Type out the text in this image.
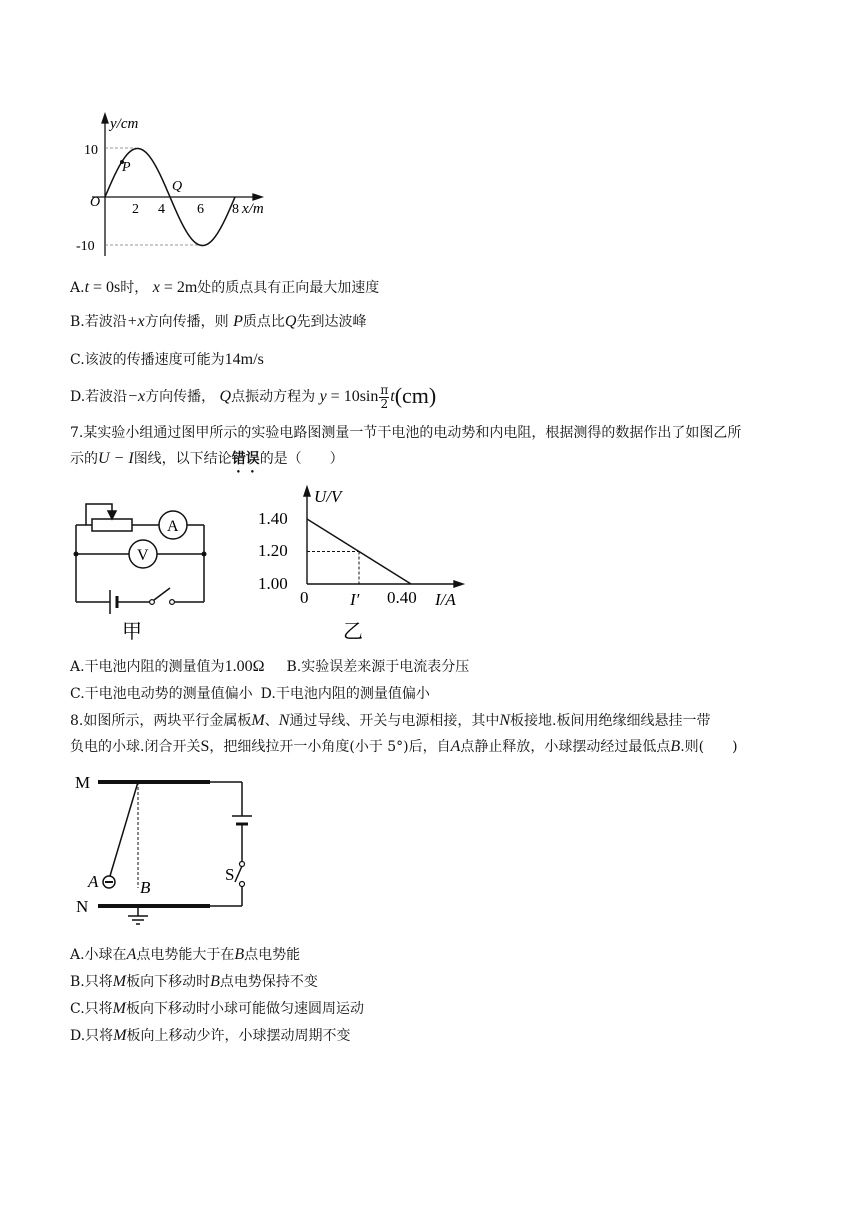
y/cm
10
-10
O
P
Q
2 4 6 8 x/m
A.t = 0s时， x = 2m处的质点具有正向最大加速度
B.若波沿+x方向传播，则 P质点比Q先到达波峰
C.该波的传播速度可能为14m/s
D.若波沿−x方向传播， Q点振动方程为 $y = 10\sin \frac{\pi}{2} t(cm)$
7.某实验小组通过图甲所示的实验电路图测量一节干电池的电动势和内电阻，根据测得的数据作出了如图乙所
示的U − I图线，以下结论错误的是（　　）
A
V
甲
U/V
1.40
1.20
1.00
0 I′ 0.40 I/A
乙
A.干电池内阻的测量值为1.00Ω B.实验误差来源于电流表分压
C.干电池电动势的测量值偏小 D.干电池内阻的测量值偏小
8.如图所示，两块平行金属板M、N通过导线、开关与电源相接，其中N板接地.板间用绝缘细线悬挂一带
负电的小球.闭合开关S，把细线拉开一小角度(小于 5°)后，自A点静止释放，小球摆动经过最低点B.则(　　)
M
N
A B
S
A.小球在A点电势能大于在B点电势能
B.只将M板向下移动时B点电势保持不变
C.只将M板向下移动时小球可能做匀速圆周运动
D.只将M板向上移动少许，小球摆动周期不变
